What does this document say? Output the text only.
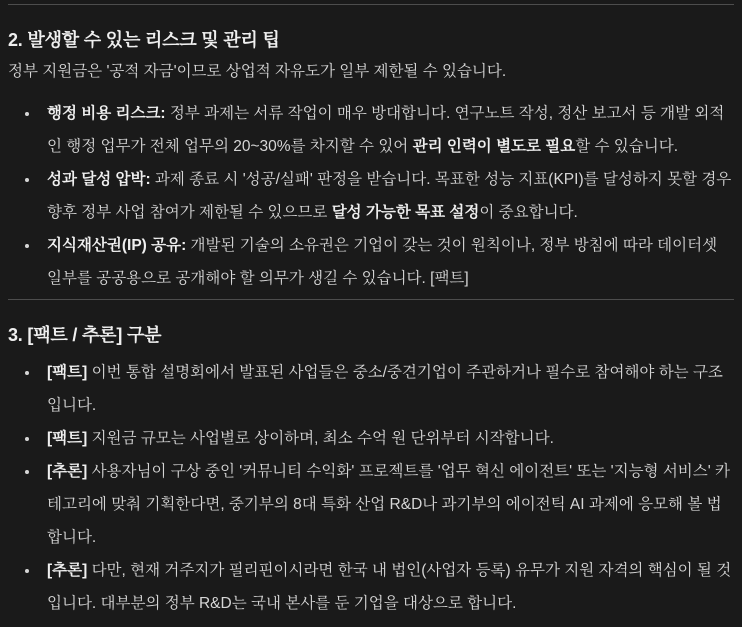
2. 발생할 수 있는 리스크 및 관리 팁

정부 지원금은 '공적 자금'이므로 상업적 자유도가 일부 제한될 수 있습니다.

행정 비용 리스크: 정부 과제는 서류 작업이 매우 방대합니다. 연구노트 작성, 정산 보고서 등 개발 외적인 행정 업무가 전체 업무의 20~30%를 차지할 수 있어 관리 인력이 별도로 필요할 수 있습니다.
성과 달성 압박: 과제 종료 시 '성공/실패' 판정을 받습니다. 목표한 성능 지표(KPI)를 달성하지 못할 경우 향후 정부 사업 참여가 제한될 수 있으므로 달성 가능한 목표 설정이 중요합니다.
지식재산권(IP) 공유: 개발된 기술의 소유권은 기업이 갖는 것이 원칙이나, 정부 방침에 따라 데이터셋 일부를 공공용으로 공개해야 할 의무가 생길 수 있습니다. [팩트]
3. [팩트 / 추론] 구분
[팩트] 이번 통합 설명회에서 발표된 사업들은 중소/중견기업이 주관하거나 필수로 참여해야 하는 구조입니다.
[팩트] 지원금 규모는 사업별로 상이하며, 최소 수억 원 단위부터 시작합니다.
[추론] 사용자님이 구상 중인 '커뮤니티 수익화' 프로젝트를 '업무 혁신 에이전트' 또는 '지능형 서비스' 카테고리에 맞춰 기획한다면, 중기부의 8대 특화 산업 R&D나 과기부의 에이전틱 AI 과제에 응모해 볼 법합니다.
[추론] 다만, 현재 거주지가 필리핀이시라면 한국 내 법인(사업자 등록) 유무가 지원 자격의 핵심이 될 것입니다. 대부분의 정부 R&D는 국내 본사를 둔 기업을 대상으로 합니다.
